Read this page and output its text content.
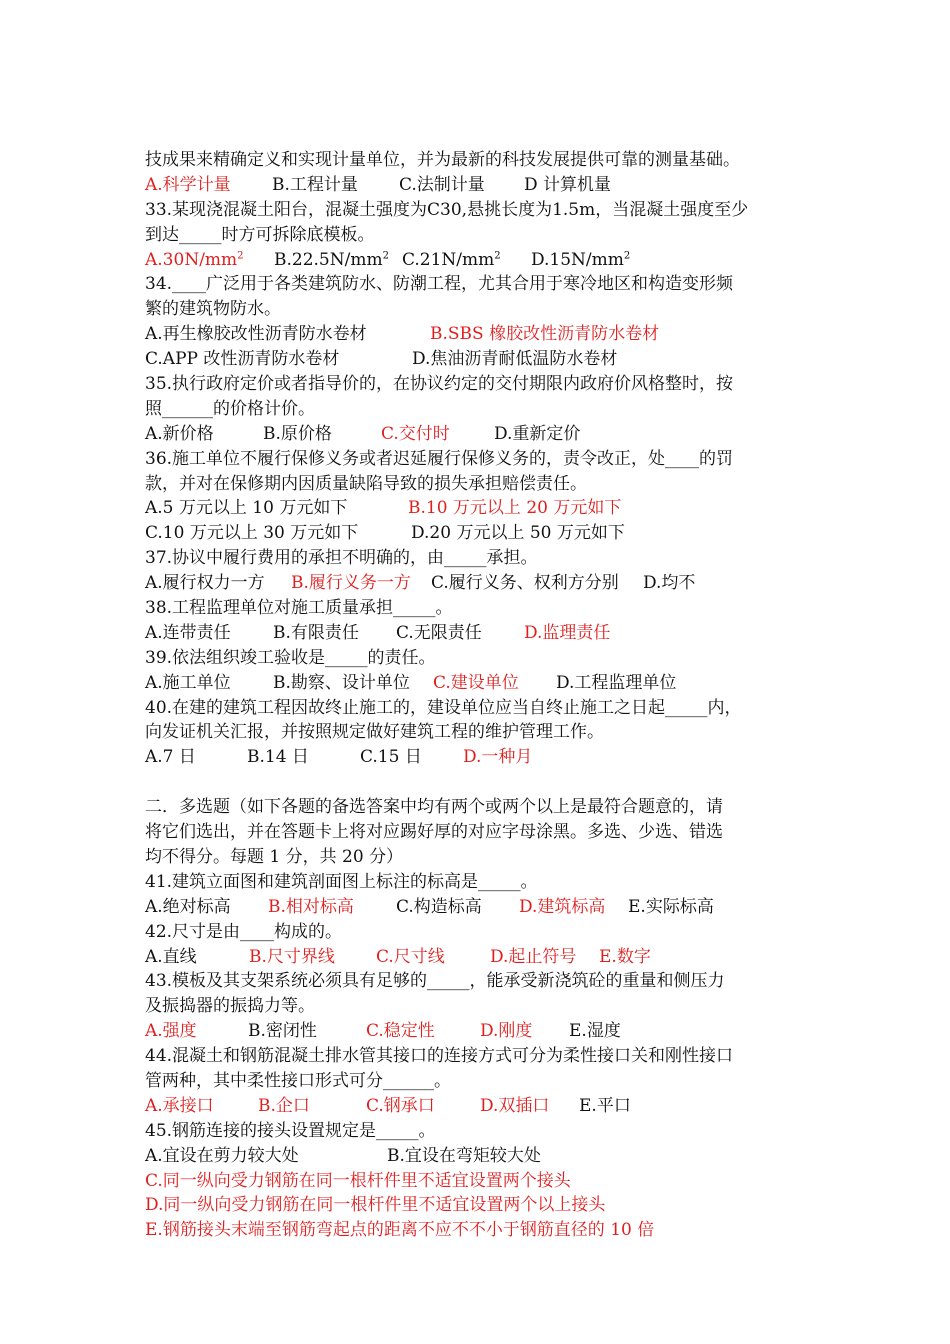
技成果来精确定义和实现计量单位，并为最新的科技发展提供可靠的测量基础。
A.科学计量 B.工程计量 C.法制计量 D 计算机量
33.某现浇混凝土阳台，混凝土强度为C30,悬挑长度为1.5m，当混凝土强度至少
到达_____时方可拆除底模板。
$A.30N/mm^2$ $B.22.5N/mm^2$ $C.21N/mm^2$ $D.15N/mm^2$
34.____广泛用于各类建筑防水、防潮工程，尤其合用于寒冷地区和构造变形频
繁的建筑物防水。
A.再生橡胶改性沥青防水卷材	B.SBS 橡胶改性沥青防水卷材
C.APP 改性沥青防水卷材	D.焦油沥青耐低温防水卷材
35.执行政府定价或者指导价的，在协议约定的交付期限内政府价风格整时，按
照______的价格计价。
A.新价格	B.原价格	C.交付时	D.重新定价
36.施工单位不履行保修义务或者迟延履行保修义务的，责令改正，处____的罚
款，并对在保修期内因质量缺陷导致的损失承担赔偿责任。
A.5 万元以上 10 万元如下	B.10 万元以上 20 万元如下
C.10 万元以上 30 万元如下	D.20 万元以上 50 万元如下
37.协议中履行费用的承担不明确的，由_____承担。
A.履行权力一方 B.履行义务一方 C.履行义务、权利方分别 D.均不
38.工程监理单位对施工质量承担_____。
A.连带责任 B.有限责任 C.无限责任 D.监理责任
39.依法组织竣工验收是_____的责任。
A.施工单位 B.勘察、设计单位 C.建设单位 D.工程监理单位
40.在建的建筑工程因故终止施工的，建设单位应当自终止施工之日起_____内，
向发证机关汇报，并按照规定做好建筑工程的维护管理工作。
A.7 日	B.14 日	C.15 日 D.一种月
二．多选题（如下各题的备选答案中均有两个或两个以上是最符合题意的，请
将它们选出，并在答题卡上将对应踢好厚的对应字母涂黑。多选、少选、错选
均不得分。每题 1 分，共 20 分）
41.建筑立面图和建筑剖面图上标注的标高是_____。
A.绝对标高 B.相对标高 C.构造标高 D.建筑标高 E.实际标高
42.尺寸是由____构成的。
A.直线	B.尺寸界线 C.尺寸线	D.起止符号 E.数字
43.模板及其支架系统必须具有足够的_____，能承受新浇筑砼的重量和侧压力
及振捣器的振捣力等。
A.强度	B.密闭性	C.稳定性	D.刚度 E.湿度
44.混凝土和钢筋混凝土排水管其接口的连接方式可分为柔性接口关和刚性接口
管两种，其中柔性接口形式可分______。
A.承接口	B.企口	C.钢承口	D.双插口 E.平口
45.钢筋连接的接头设置规定是_____。
A.宜设在剪力较大处	B.宜设在弯矩较大处
C.同一纵向受力钢筋在同一根杆件里不适宜设置两个接头
D.同一纵向受力钢筋在同一根杆件里不适宜设置两个以上接头
E.钢筋接头末端至钢筋弯起点的距离不应不不小于钢筋直径的 10 倍
